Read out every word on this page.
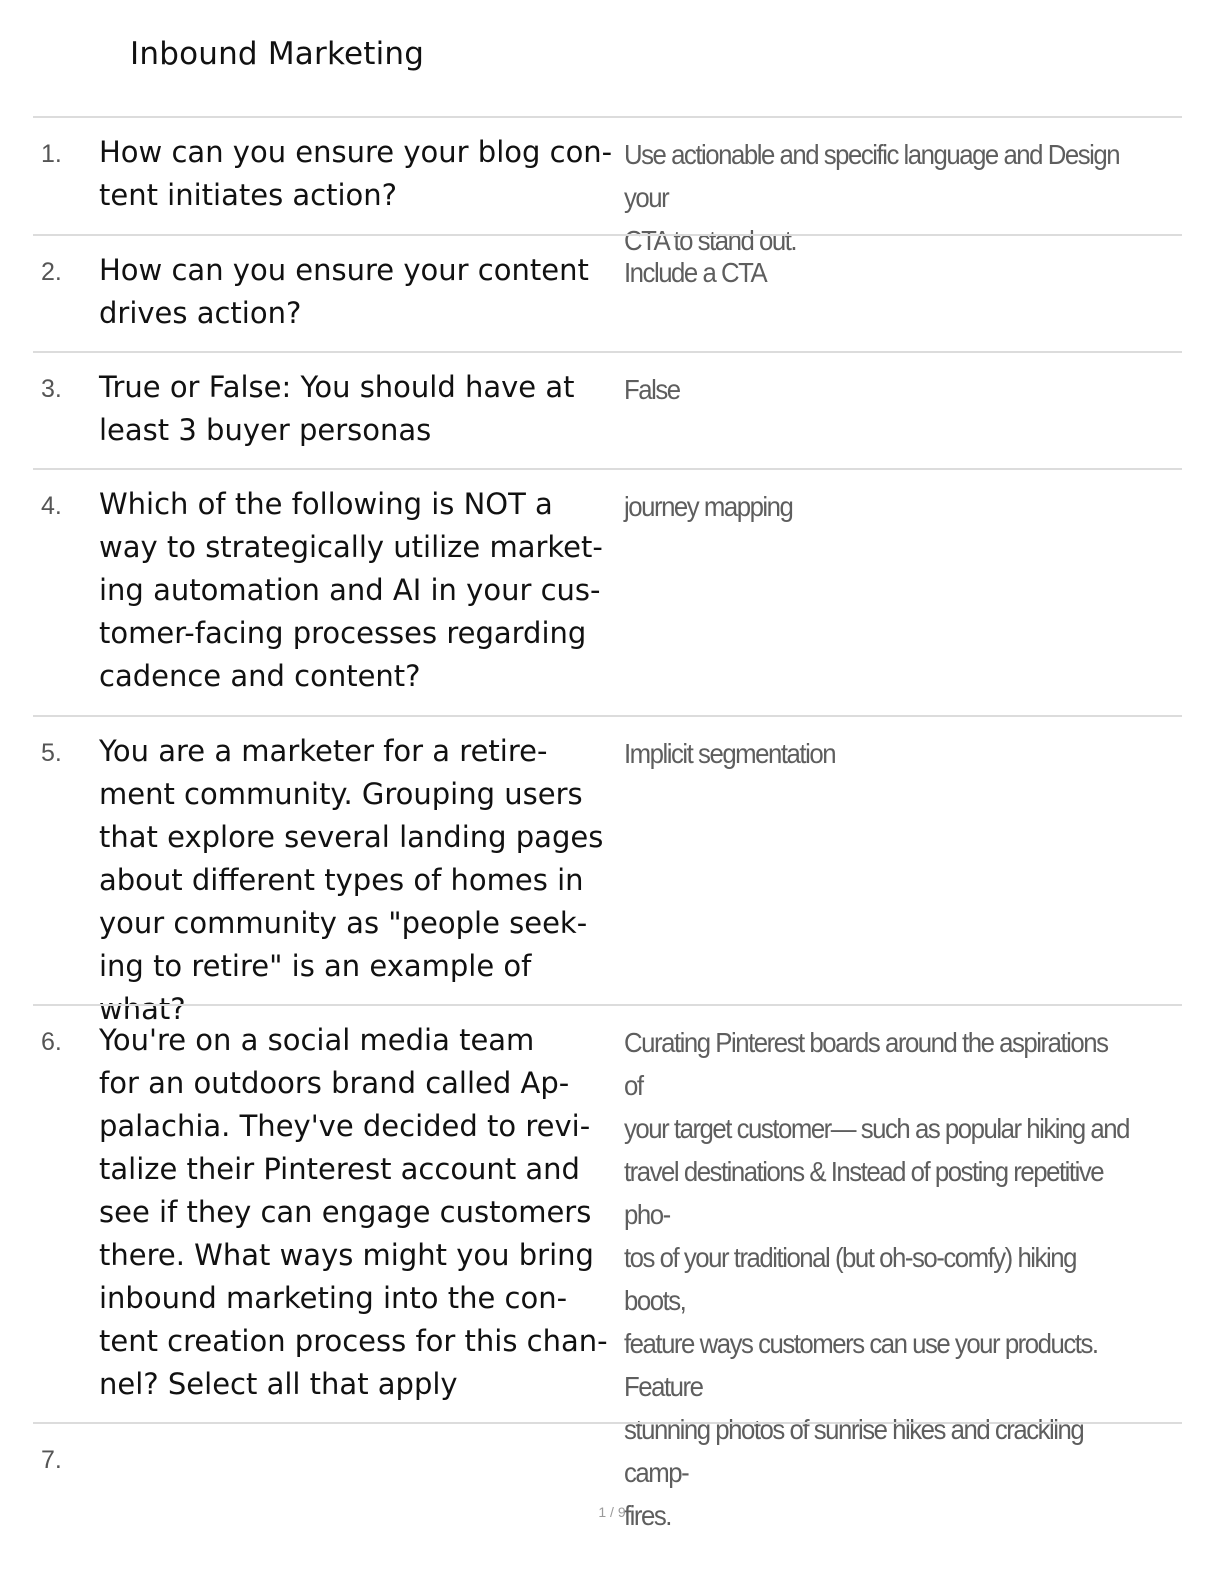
Inbound Marketing
1. How can you ensure your blog con-
tent initiates action?
Use actionable and specific language and Design your
CTA to stand out.
2. How can you ensure your content
drives action?
Include a CTA
3. True or False: You should have at
least 3 buyer personas
False
4. Which of the following is NOT a
way to strategically utilize market-
ing automation and AI in your cus-
tomer-facing processes regarding
cadence and content?
journey mapping
5. You are a marketer for a retire-
ment community. Grouping users
that explore several landing pages
about different types of homes in
your community as "people seek-
ing to retire" is an example of what?
Implicit segmentation
6. You're on a social media team
for an outdoors brand called Ap-
palachia. They've decided to revi-
talize their Pinterest account and
see if they can engage customers
there. What ways might you bring
inbound marketing into the con-
tent creation process for this chan-
nel? Select all that apply
Curating Pinterest boards around the aspirations of
your target customer— such as popular hiking and
travel destinations & Instead of posting repetitive pho-
tos of your traditional (but oh-so-comfy) hiking boots,
feature ways customers can use your products. Feature
stunning photos of sunrise hikes and crackling camp-
fires.
7.
1 / 9
